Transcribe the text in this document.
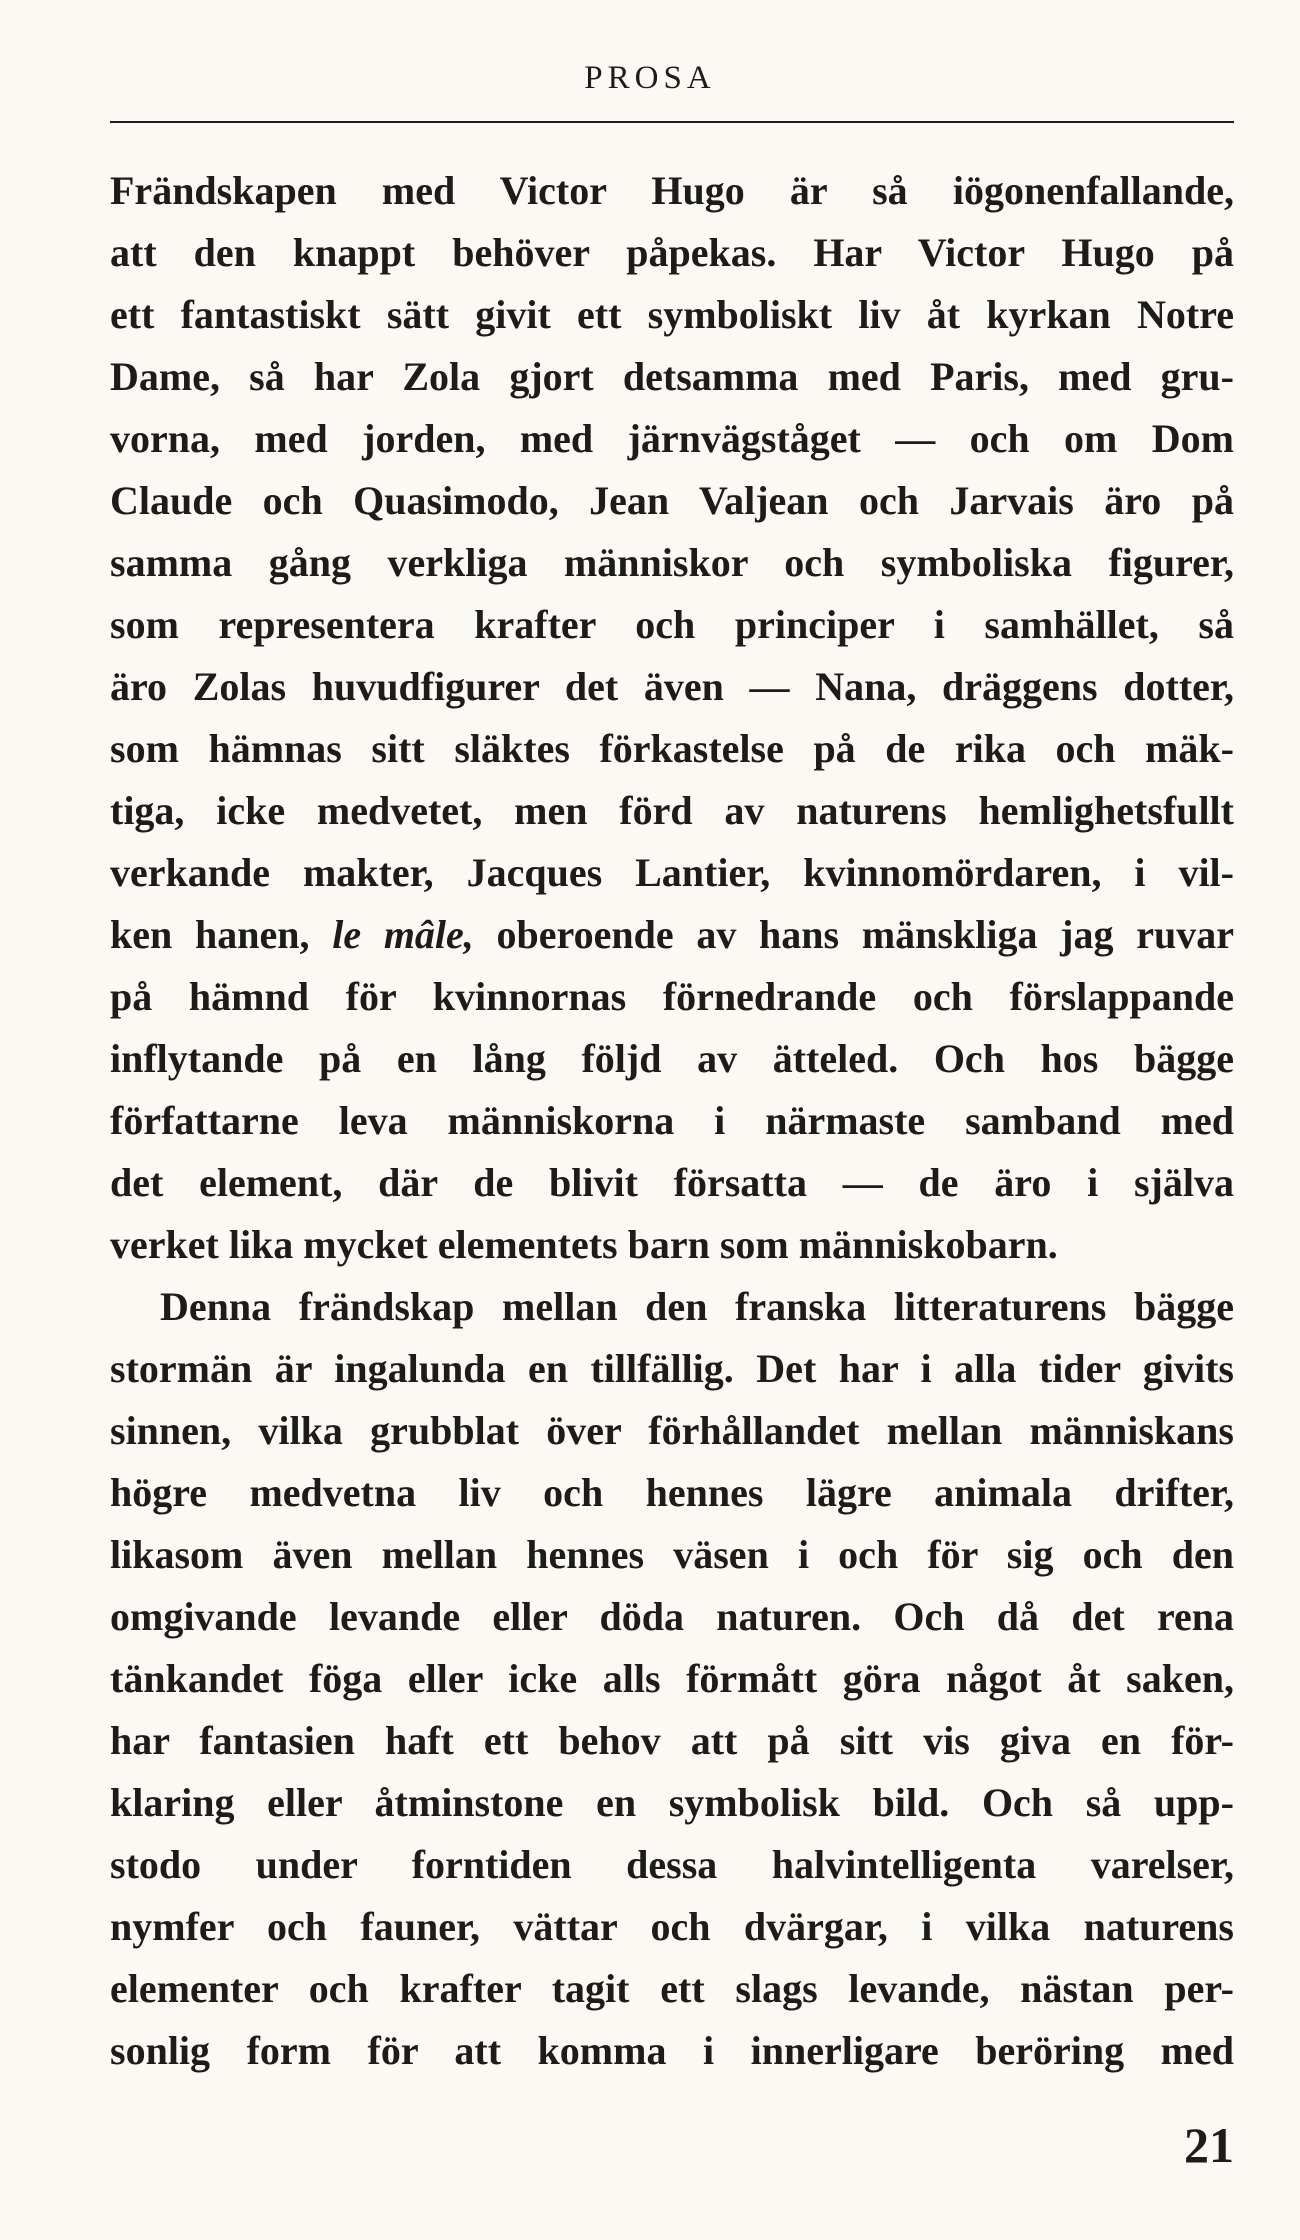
PROSA
Frändskapen med Victor Hugo är så iögonenfallande,
att den knappt behöver påpekas. Har Victor Hugo på
ett fantastiskt sätt givit ett symboliskt liv åt kyrkan Notre
Dame, så har Zola gjort detsamma med Paris, med gru-
vorna, med jorden, med järnvägståget — och om Dom
Claude och Quasimodo, Jean Valjean och Jarvais äro på
samma gång verkliga människor och symboliska figurer,
som representera krafter och principer i samhället, så
äro Zolas huvudfigurer det även — Nana, dräggens dotter,
som hämnas sitt släktes förkastelse på de rika och mäk-
tiga, icke medvetet, men förd av naturens hemlighetsfullt
verkande makter, Jacques Lantier, kvinnomördaren, i vil-
ken hanen, le mâle, oberoende av hans mänskliga jag ruvar
på hämnd för kvinnornas förnedrande och förslappande
inflytande på en lång följd av ätteled. Och hos bägge
författarne leva människorna i närmaste samband med
det element, där de blivit försatta — de äro i själva
verket lika mycket elementets barn som människobarn.
Denna frändskap mellan den franska litteraturens bägge
stormän är ingalunda en tillfällig. Det har i alla tider givits
sinnen, vilka grubblat över förhållandet mellan människans
högre medvetna liv och hennes lägre animala drifter,
likasom även mellan hennes väsen i och för sig och den
omgivande levande eller döda naturen. Och då det rena
tänkandet föga eller icke alls förmått göra något åt saken,
har fantasien haft ett behov att på sitt vis giva en för-
klaring eller åtminstone en symbolisk bild. Och så upp-
stodo under forntiden dessa halvintelligenta varelser,
nymfer och fauner, vättar och dvärgar, i vilka naturens
elementer och krafter tagit ett slags levande, nästan per-
sonlig form för att komma i innerligare beröring med
21
